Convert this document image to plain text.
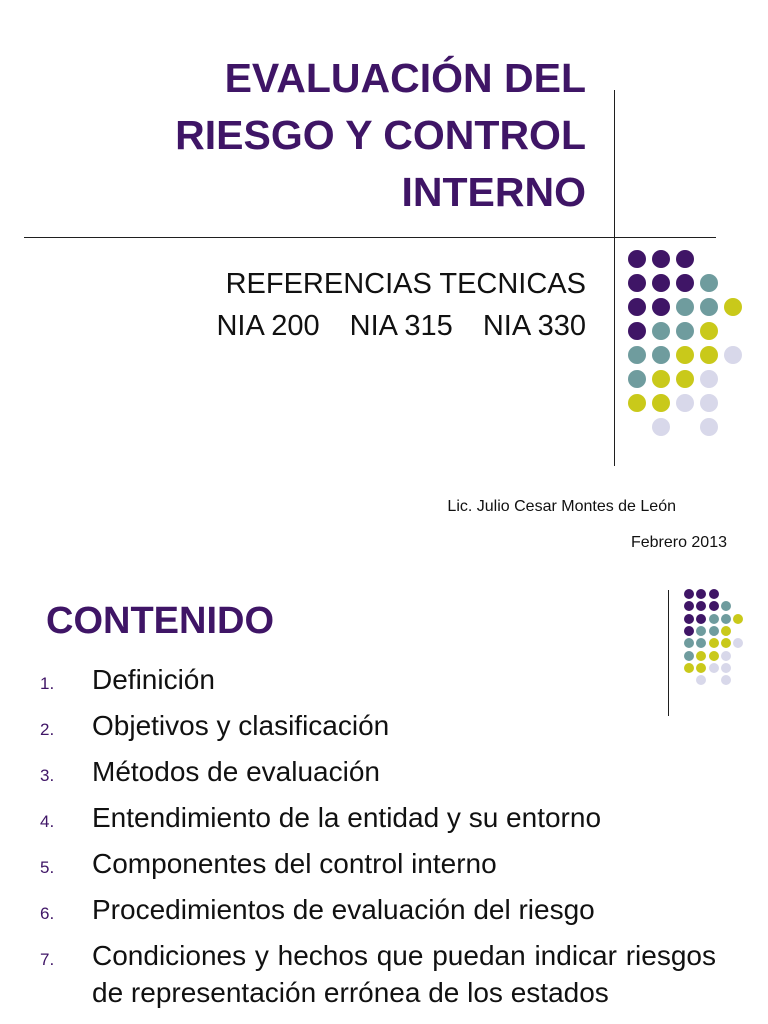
EVALUACIÓN DEL
RIESGO Y CONTROL
INTERNO
REFERENCIAS TECNICAS
NIA 200 NIA 315 NIA 330
Lic. Julio Cesar Montes de León
Febrero 2013
CONTENIDO
1. Definición
2. Objetivos y clasificación
3. Métodos de evaluación
4. Entendimiento de la entidad y su entorno
5. Componentes del control interno
6. Procedimientos de evaluación del riesgo
7. Condiciones y hechos que puedan indicar riesgos de representación errónea de los estados
